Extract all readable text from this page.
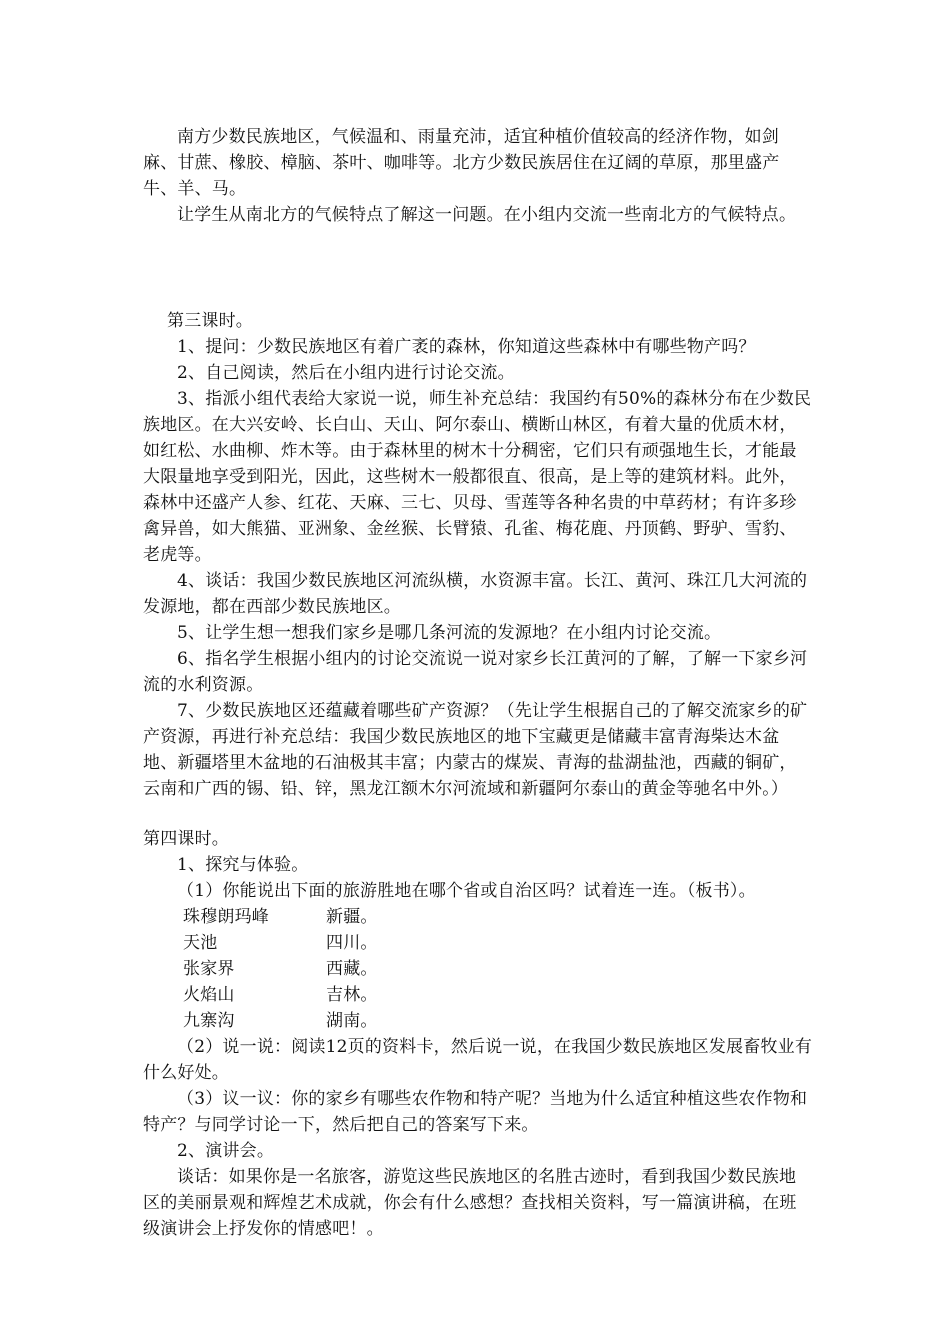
南方少数民族地区，气候温和、雨量充沛，适宜种植价值较高的经济作物，如剑麻、甘蔗、橡胶、樟脑、茶叶、咖啡等。北方少数民族居住在辽阔的草原，那里盛产牛、羊、马。

让学生从南北方的气候特点了解这一问题。在小组内交流一些南北方的气候特点。

第三课时。

1、提问：少数民族地区有着广袤的森林，你知道这些森林中有哪些物产吗？

2、自己阅读，然后在小组内进行讨论交流。

3、指派小组代表给大家说一说，师生补充总结：我国约有50%的森林分布在少数民族地区。在大兴安岭、长白山、天山、阿尔泰山、横断山林区，有着大量的优质木材，如红松、水曲柳、炸木等。由于森林里的树木十分稠密，它们只有顽强地生长，才能最大限量地享受到阳光，因此，这些树木一般都很直、很高，是上等的建筑材料。此外，森林中还盛产人参、红花、天麻、三七、贝母、雪莲等各种名贵的中草药材；有许多珍禽异兽，如大熊猫、亚洲象、金丝猴、长臂猿、孔雀、梅花鹿、丹顶鹤、野驴、雪豹、老虎等。

4、谈话：我国少数民族地区河流纵横，水资源丰富。长江、黄河、珠江几大河流的发源地，都在西部少数民族地区。

5、让学生想一想我们家乡是哪几条河流的发源地？在小组内讨论交流。

6、指名学生根据小组内的讨论交流说一说对家乡长江黄河的了解，了解一下家乡河流的水利资源。

7、少数民族地区还蕴藏着哪些矿产资源？（先让学生根据自己的了解交流家乡的矿产资源，再进行补充总结：我国少数民族地区的地下宝藏更是储藏丰富青海柴达木盆地、新疆塔里木盆地的石油极其丰富；内蒙古的煤炭、青海的盐湖盐池，西藏的铜矿，云南和广西的锡、铅、锌，黑龙江额木尔河流域和新疆阿尔泰山的黄金等驰名中外。）

第四课时。

1、探究与体验。

（1）你能说出下面的旅游胜地在哪个省或自治区吗？试着连一连。（板书）。

珠穆朗玛峰	新疆。
天池	四川。
张家界	西藏。
火焰山	吉林。
九寨沟	湖南。

（2）说一说：阅读12页的资料卡，然后说一说，在我国少数民族地区发展畜牧业有什么好处。

（3）议一议：你的家乡有哪些农作物和特产呢？当地为什么适宜种植这些农作物和特产？与同学讨论一下，然后把自己的答案写下来。

2、演讲会。

谈话：如果你是一名旅客，游览这些民族地区的名胜古迹时，看到我国少数民族地区的美丽景观和辉煌艺术成就，你会有什么感想？查找相关资料，写一篇演讲稿，在班级演讲会上抒发你的情感吧！。
